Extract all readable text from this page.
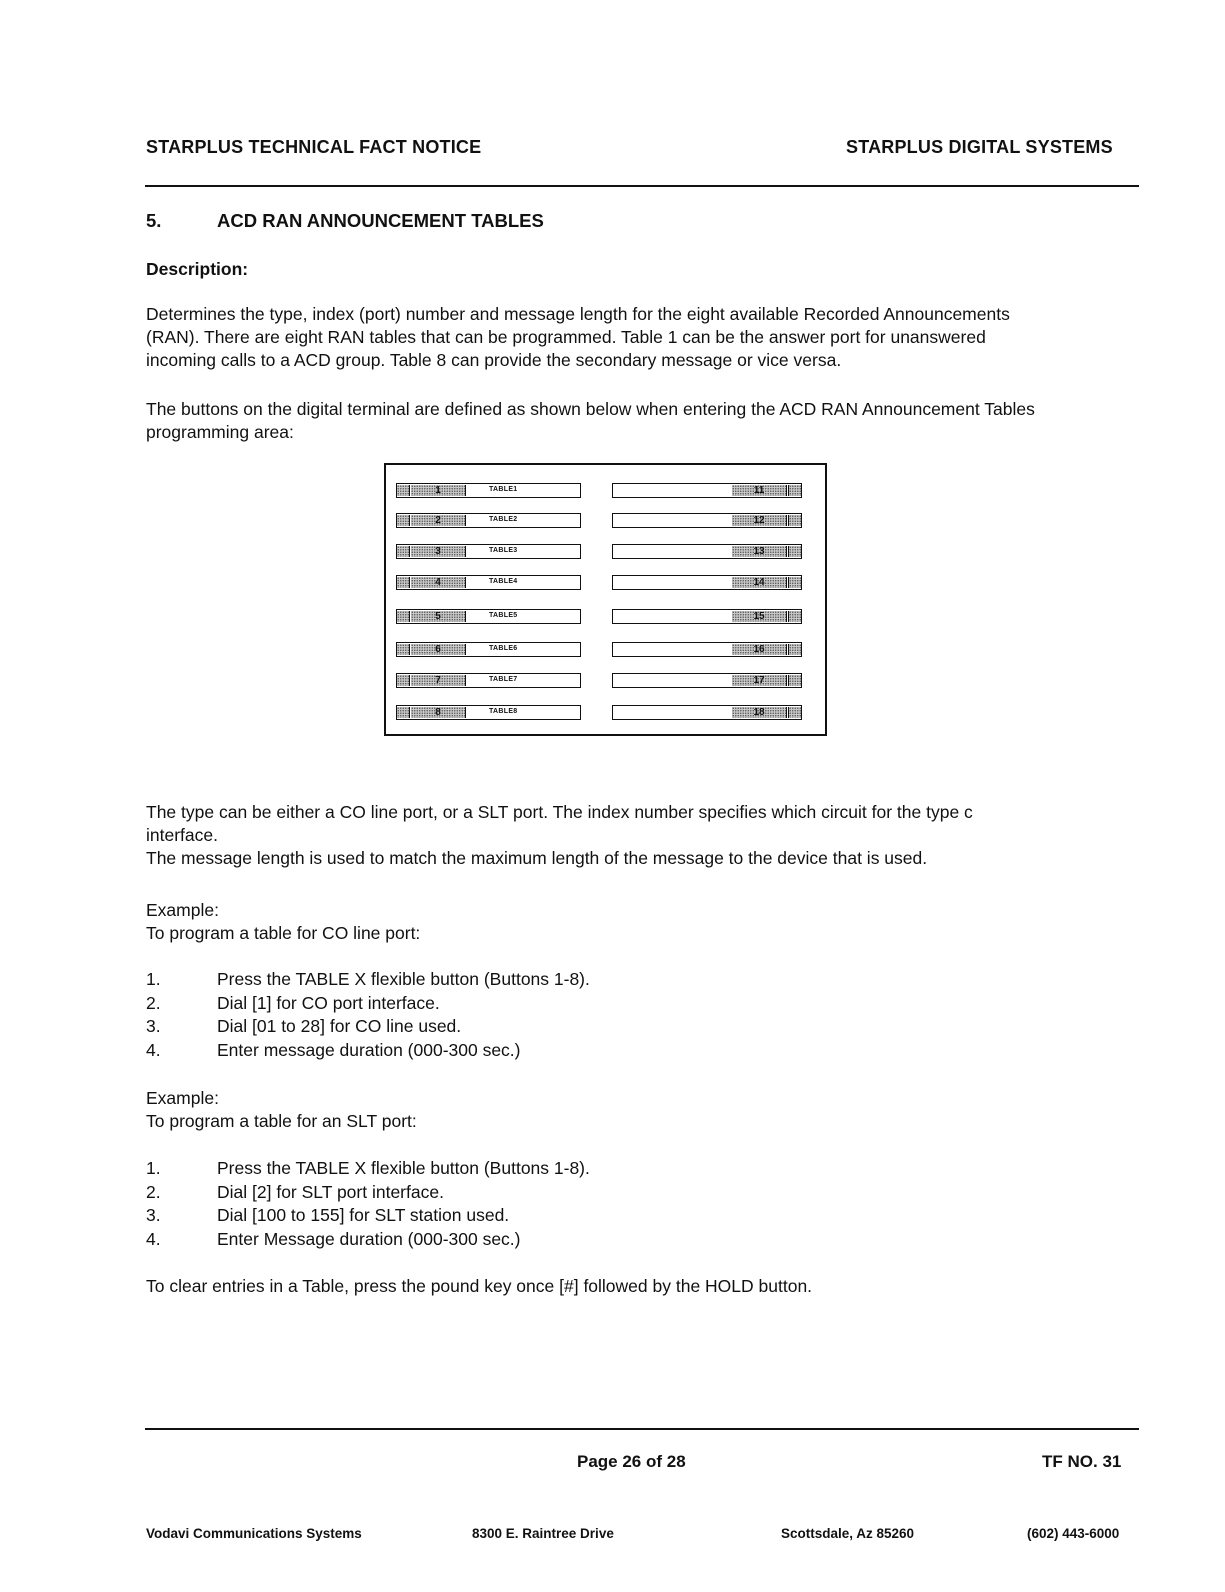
STARPLUS TECHNICAL FACT NOTICE	STARPLUS DIGITAL SYSTEMS
5.	ACD RAN ANNOUNCEMENT TABLES
Description:
Determines the type, index (port) number and message length for the eight available Recorded Announcements
(RAN). There are eight RAN tables that can be programmed. Table 1 can be the answer port for unanswered
incoming calls to a ACD group. Table 8 can provide the secondary message or vice versa.
The buttons on the digital terminal are defined as shown below when entering the ACD RAN Announcement Tables
programming area:
1	TABLE1
2	TABLE2
3	TABLE3
4	TABLE4
5	TABLE5
6	TABLE6
7	TABLE7
8	TABLE8
11
12
13
14
15
16
17
18
The type can be either a CO line port, or a SLT port. The index number specifies which circuit for the type c
interface.
The message length is used to match the maximum length of the message to the device that is used.
Example:
To program a table for CO line port:
1.	Press the TABLE X flexible button (Buttons 1-8).
2.	Dial [1] for CO port interface.
3.	Dial [01 to 28] for CO line used.
4.	Enter message duration (000-300 sec.)
Example:
To program a table for an SLT port:
1.	Press the TABLE X flexible button (Buttons 1-8).
2.	Dial [2] for SLT port interface.
3.	Dial [100 to 155] for SLT station used.
4.	Enter Message duration (000-300 sec.)
To clear entries in a Table, press the pound key once [#] followed by the HOLD button.
Page 26 of 28	TF NO. 31
Vodavi Communications Systems	8300 E. Raintree Drive	Scottsdale, Az 85260	(602) 443-6000
